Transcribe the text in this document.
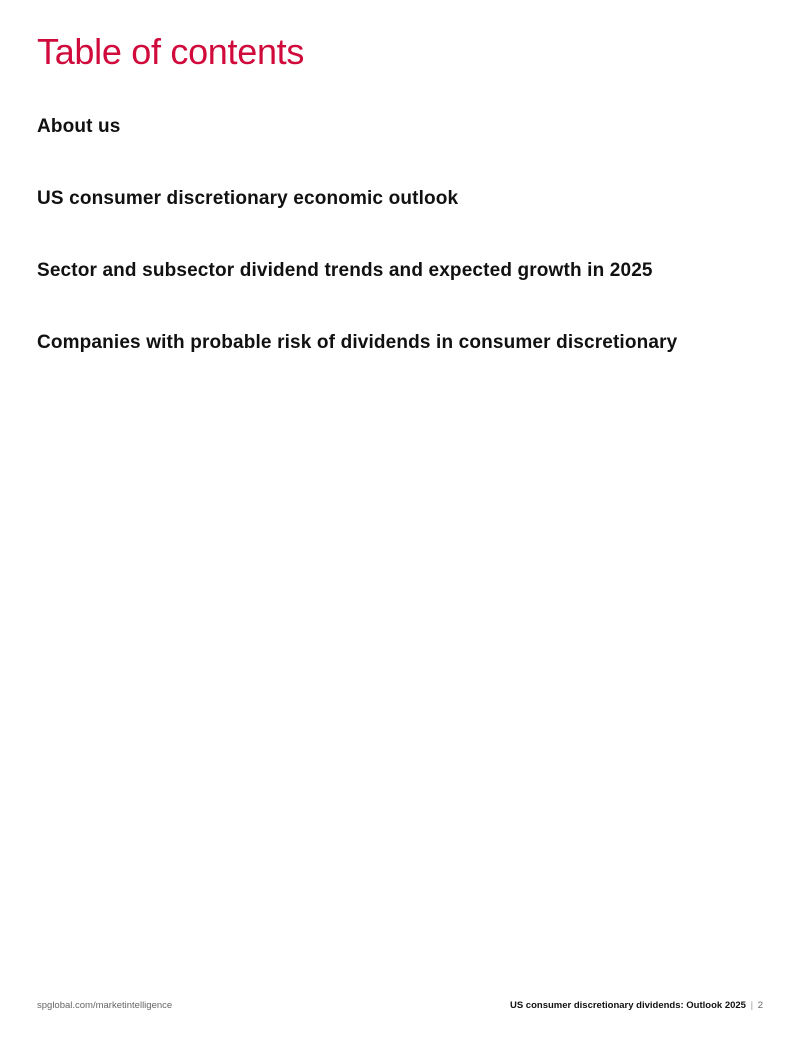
Table of contents
About us
US consumer discretionary economic outlook
Sector and subsector dividend trends and expected growth in 2025
Companies with probable risk of dividends in consumer discretionary
spglobal.com/marketintelligence	US consumer discretionary dividends: Outlook 2025 | 2
